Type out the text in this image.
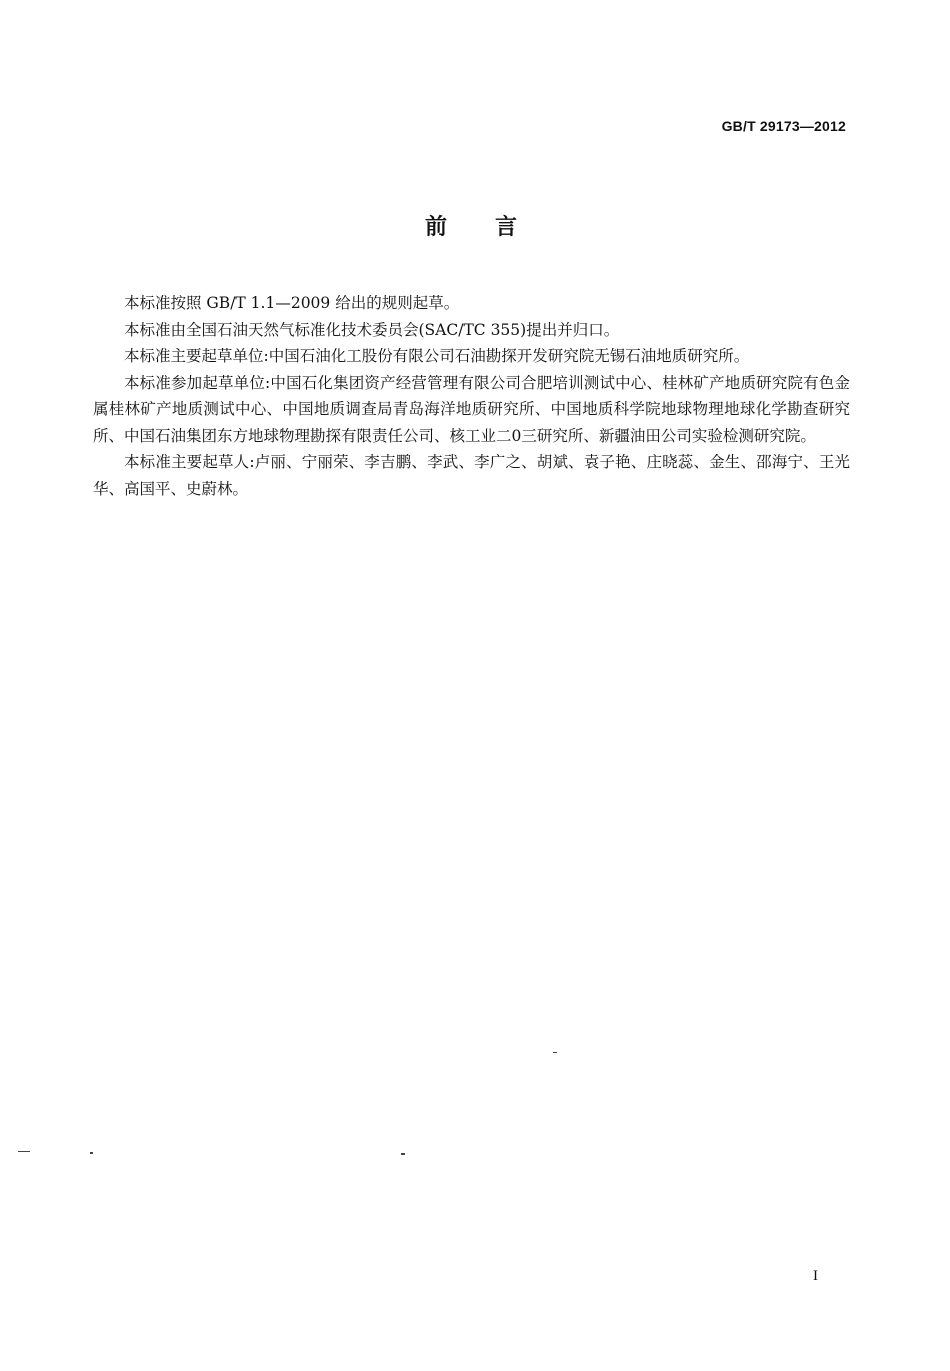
GB/T 29173—2012
前言

本标准按照 GB/T 1.1—2009 给出的规则起草。

本标准由全国石油天然气标准化技术委员会(SAC/TC 355)提出并归口。

本标准主要起草单位:中国石油化工股份有限公司石油勘探开发研究院无锡石油地质研究所。

本标准参加起草单位:中国石化集团资产经营管理有限公司合肥培训测试中心、桂林矿产地质研究院有色金属桂林矿产地质测试中心、中国地质调查局青岛海洋地质研究所、中国地质科学院地球物理地球化学勘查研究所、中国石油集团东方地球物理勘探有限责任公司、核工业二0三研究所、新疆油田公司实验检测研究院。

本标准主要起草人:卢丽、宁丽荣、李吉鹏、李武、李广之、胡斌、袁子艳、庄晓蕊、金生、邵海宁、王光华、高国平、史蔚林。

I
